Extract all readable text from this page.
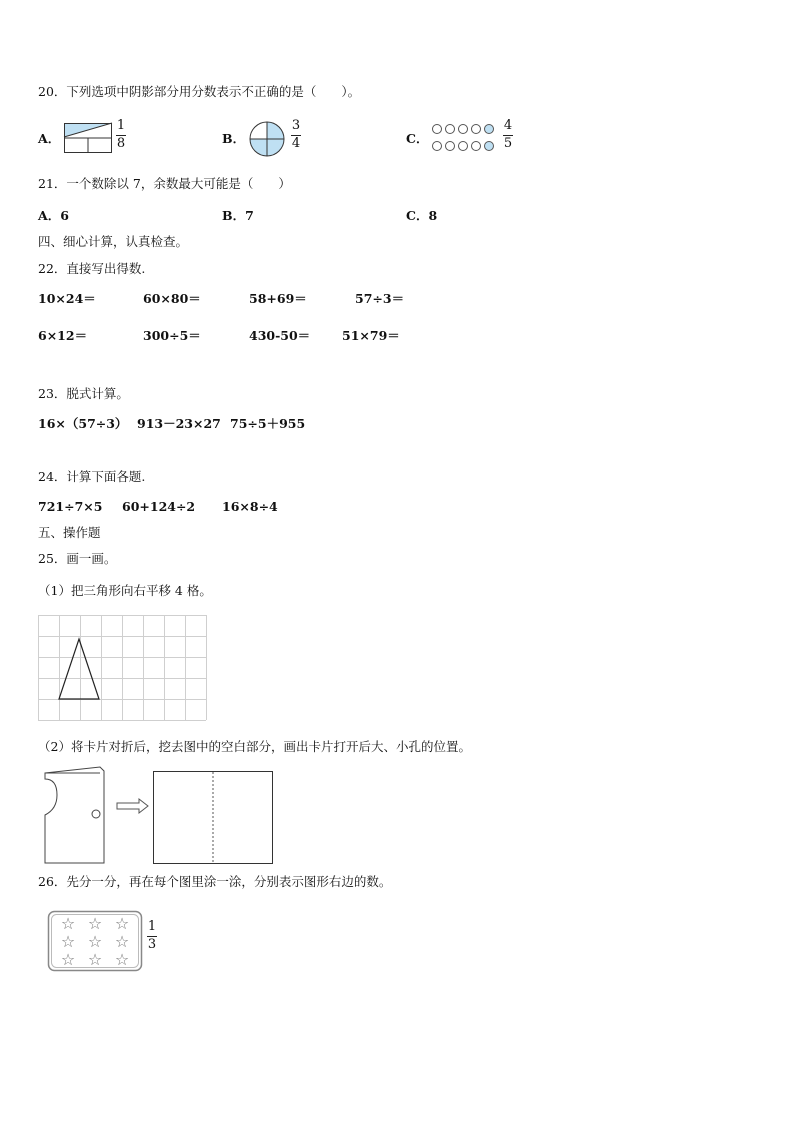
20．下列选项中阴影部分用分数表示不正确的是（　　）。
A．
1
8	B．
3
4	C．
4
5
21．一个数除以 7，余数最大可能是（　　）
A．6	B．7	C．8
四、细心计算，认真检查。
22．直接写出得数.
10×24＝	60×80＝	58+69＝	57÷3＝
6×12＝	300÷5＝	430-50＝	51×79＝
23．脱式计算。
16×（57÷3） 913－23×27 75÷5＋955
24．计算下面各题.
721÷7×5 60+124÷2 16×8÷4
五、操作题
25．画一画。
（1）把三角形向右平移 4 格。
（2）将卡片对折后，挖去图中的空白部分，画出卡片打开后大、小孔的位置。
26．先分一分，再在每个图里涂一涂，分别表示图形右边的数。
☆ ☆ ☆
☆ ☆ ☆
☆ ☆ ☆
1
3
